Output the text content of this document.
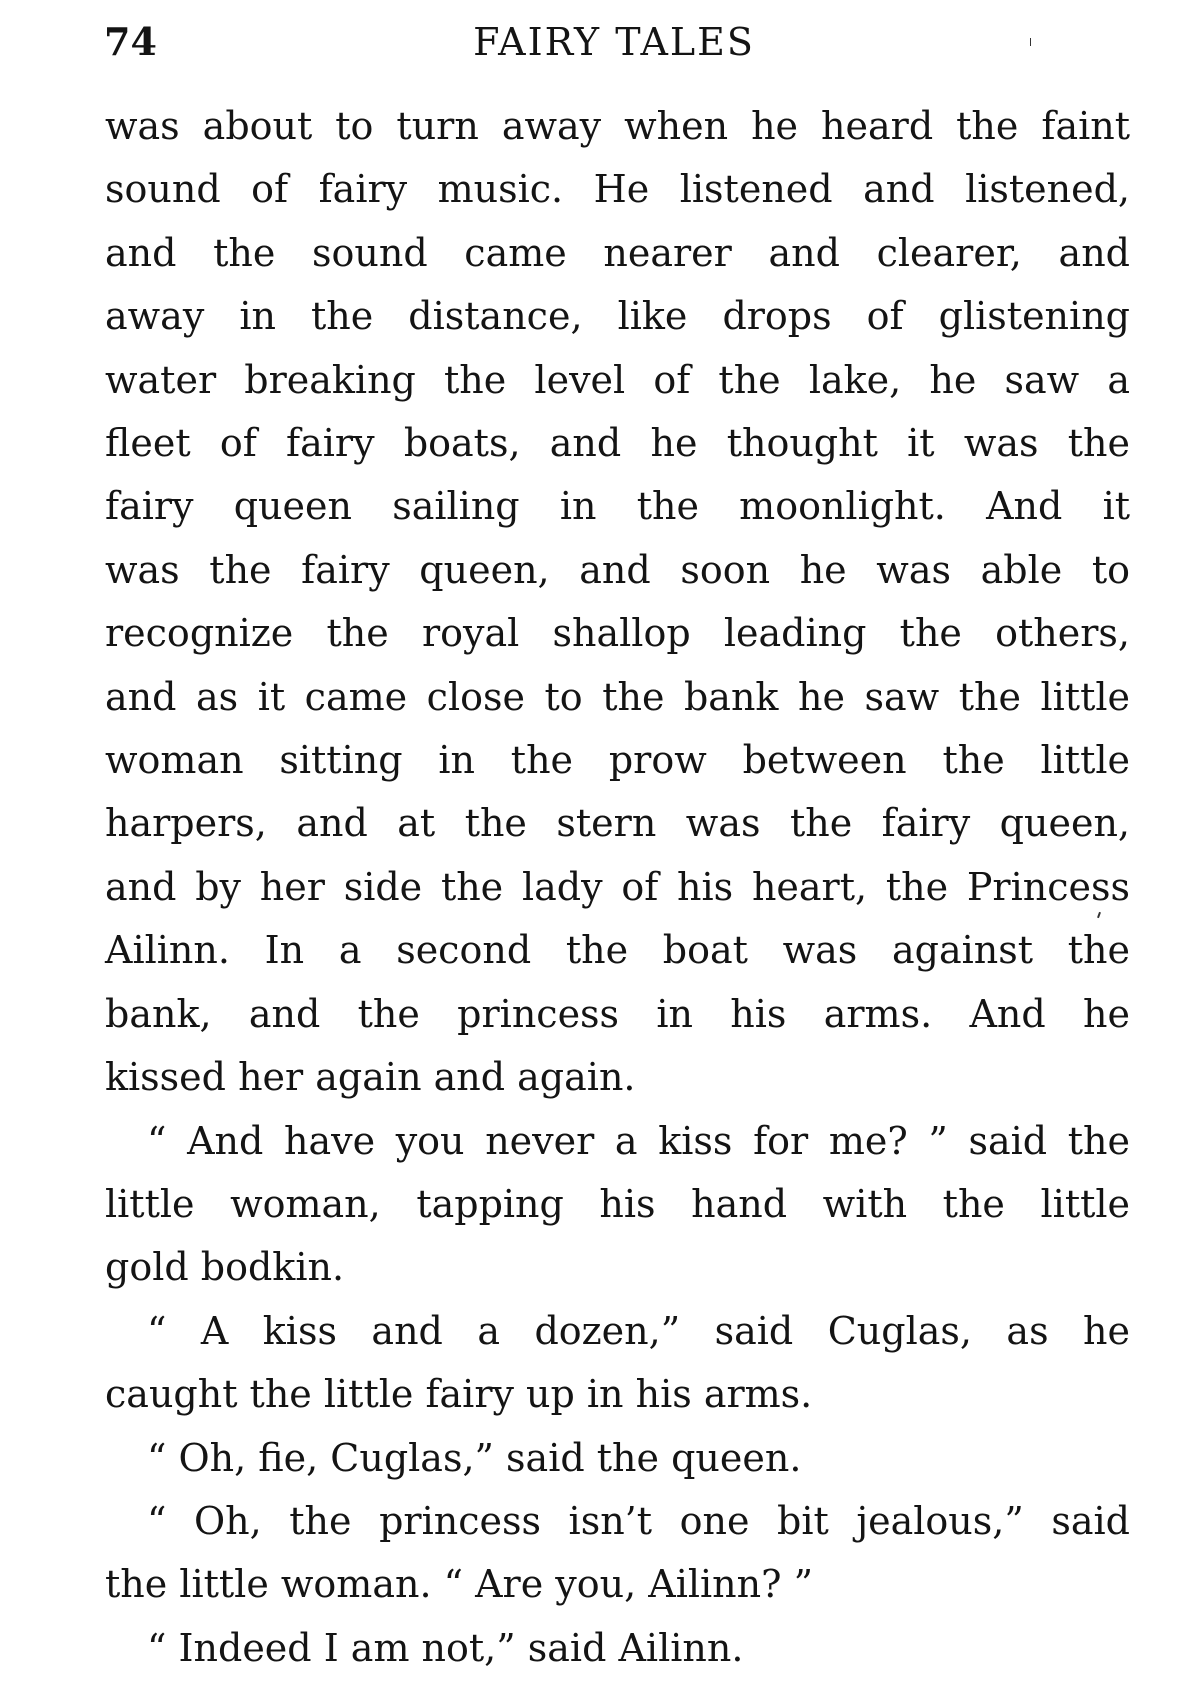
74	FAIRY TALES

was about to turn away when he heard the faint
sound of fairy music. He listened and listened,
and the sound came nearer and clearer, and
away in the distance, like drops of glistening
water breaking the level of the lake, he saw a
fleet of fairy boats, and he thought it was the
fairy queen sailing in the moonlight. And it
was the fairy queen, and soon he was able to
recognize the royal shallop leading the others,
and as it came close to the bank he saw the little
woman sitting in the prow between the little
harpers, and at the stern was the fairy queen,
and by her side the lady of his heart, the Princess
Ailinn. In a second the boat was against the
bank, and the princess in his arms. And he
kissed her again and again.

“ And have you never a kiss for me? ” said the
little woman, tapping his hand with the little
gold bodkin.

“ A kiss and a dozen,” said Cuglas, as he
caught the little fairy up in his arms.

“ Oh, fie, Cuglas,” said the queen.

“ Oh, the princess isn’t one bit jealous,” said
the little woman. “ Are you, Ailinn? ”

“ Indeed I am not,” said Ailinn.
